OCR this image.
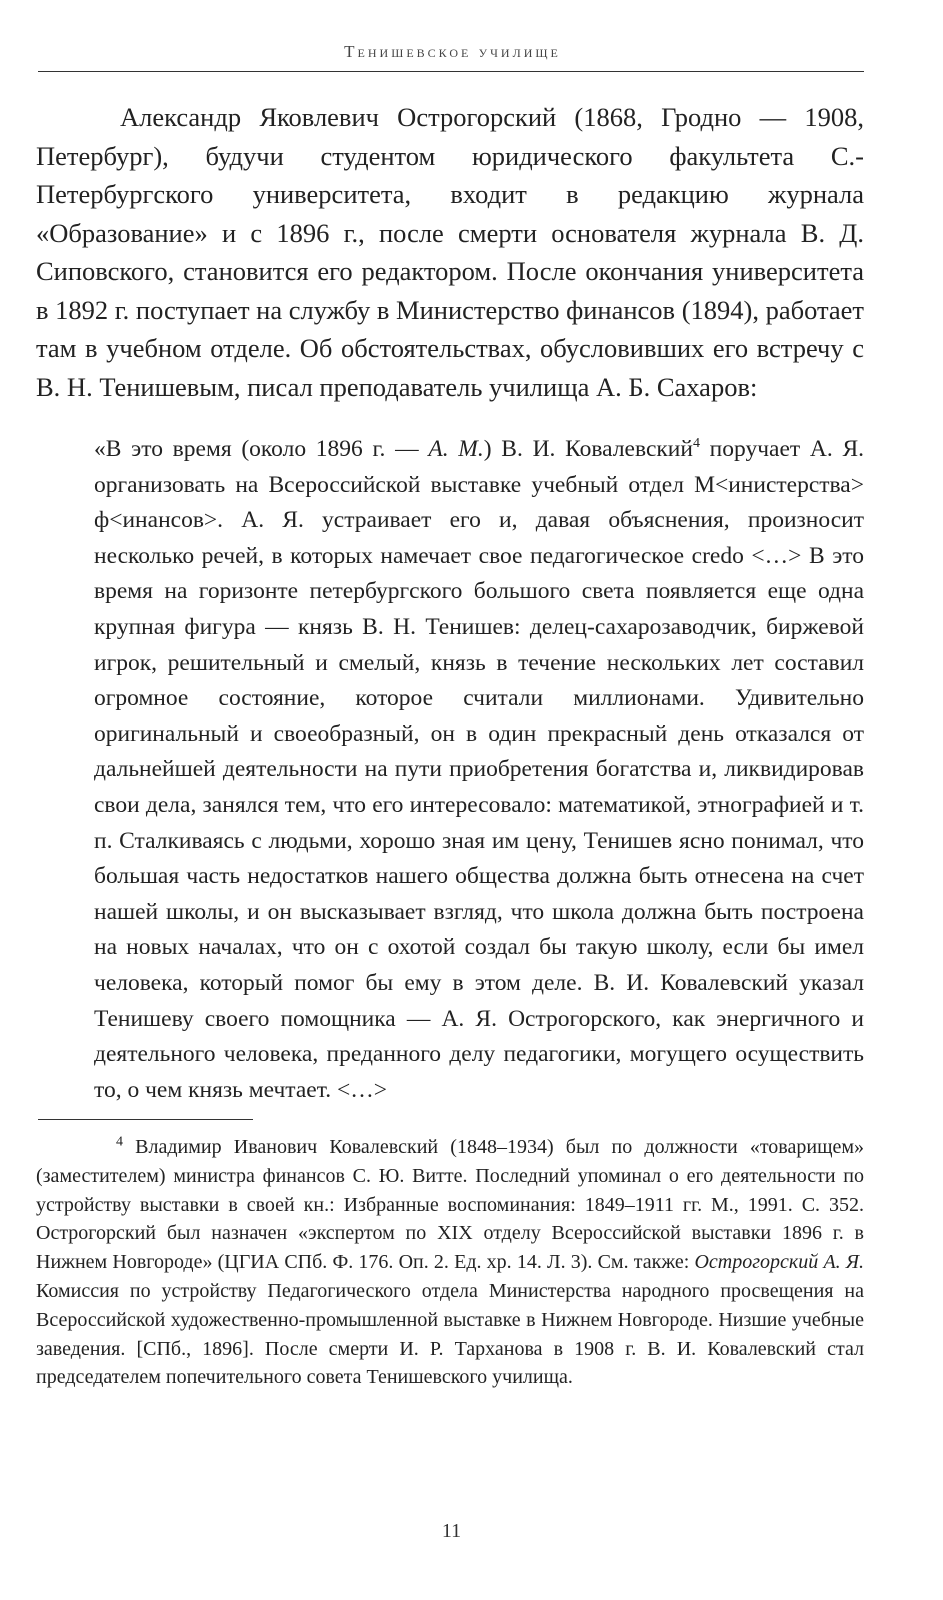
Тенишевское училище

Александр Яковлевич Острогорский (1868, Гродно — 1908, Петербург), будучи студентом юридического факультета С.-Петербургского университета, входит в редакцию журнала «Образование» и с 1896 г., после смерти основателя журнала В. Д. Сиповского, становится его редактором. После окончания университета в 1892 г. поступает на службу в Министерство финансов (1894), работает там в учебном отделе. Об обстоятельствах, обусловивших его встречу с В. Н. Тенишевым, писал преподаватель училища А. Б. Сахаров:

«В это время (около 1896 г. — А. М.) В. И. Ковалевский$^4$ поручает А. Я. организовать на Всероссийской выставке учебный отдел М<инистерства> ф<инансов>. А. Я. устраивает его и, давая объяснения, произносит несколько речей, в которых намечает свое педагогическое credo <…> В это время на горизонте петербургского большого света появляется еще одна крупная фигура — князь В. Н. Тенишев: делец-сахарозаводчик, биржевой игрок, решительный и смелый, князь в течение нескольких лет составил огромное состояние, которое считали миллионами. Удивительно оригинальный и своеобразный, он в один прекрасный день отказался от дальнейшей деятельности на пути приобретения богатства и, ликвидировав свои дела, занялся тем, что его интересовало: математикой, этнографией и т. п. Сталкиваясь с людьми, хорошо зная им цену, Тенишев ясно понимал, что большая часть недостатков нашего общества должна быть отнесена на счет нашей школы, и он высказывает взгляд, что школа должна быть построена на новых началах, что он с охотой создал бы такую школу, если бы имел человека, который помог бы ему в этом деле. В. И. Ковалевский указал Тенишеву своего помощника — А. Я. Острогорского, как энергичного и деятельного человека, преданного делу педагогики, могущего осуществить то, о чем князь мечтает. <…>

$^4$ Владимир Иванович Ковалевский (1848–1934) был по должности «товарищем» (заместителем) министра финансов С. Ю. Витте. Последний упоминал о его деятельности по устройству выставки в своей кн.: Избранные воспоминания: 1849–1911 гг. М., 1991. С. 352. Острогорский был назначен «экспертом по XIX отделу Всероссийской выставки 1896 г. в Нижнем Новгороде» (ЦГИА СПб. Ф. 176. Оп. 2. Ед. хр. 14. Л. 3). См. также: Острогорский А. Я. Комиссия по устройству Педагогического отдела Министерства народного просвещения на Всероссийской художественно-промышленной выставке в Нижнем Новгороде. Низшие учебные заведения. [СПб., 1896]. После смерти И. Р. Тарханова в 1908 г. В. И. Ковалевский стал председателем попечительного совета Тенишевского училища.

11
